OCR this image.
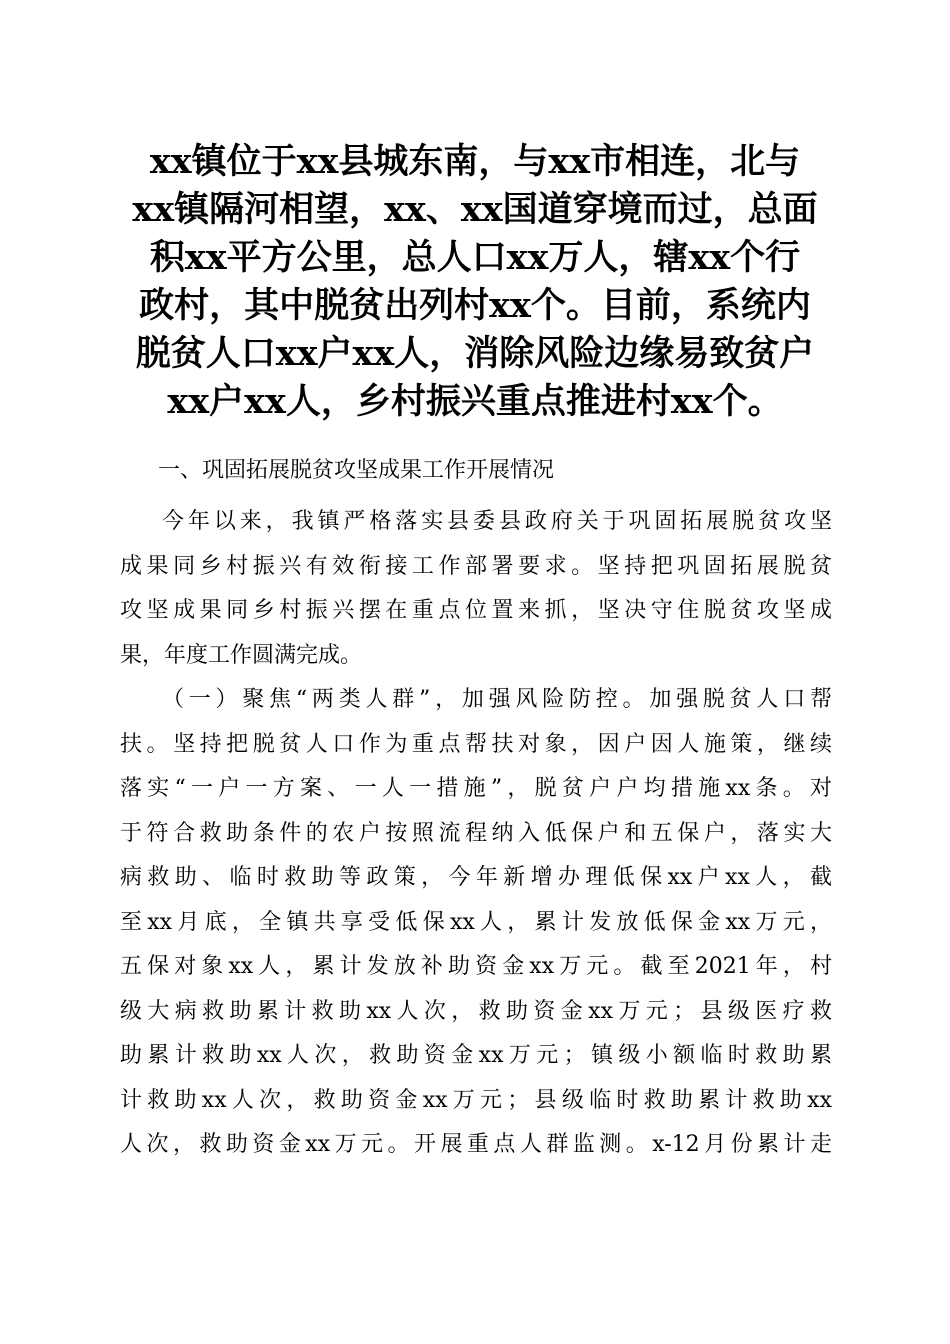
xx镇位于xx县城东南，与xx市相连，北与
xx镇隔河相望，xx、xx国道穿境而过，总面
积xx平方公里，总人口xx万人，辖xx个行
政村，其中脱贫出列村xx个。目前，系统内
脱贫人口xx户xx人，消除风险边缘易致贫户
xx户xx人，乡村振兴重点推进村xx个。
一、巩固拓展脱贫攻坚成果工作开展情况
今年以来，我镇严格落实县委县政府关于巩固拓展脱贫攻坚
成果同乡村振兴有效衔接工作部署要求。坚持把巩固拓展脱贫
攻坚成果同乡村振兴摆在重点位置来抓，坚决守住脱贫攻坚成
果，年度工作圆满完成。
（一）聚焦“两类人群”，加强风险防控。加强脱贫人口帮
扶。坚持把脱贫人口作为重点帮扶对象，因户因人施策，继续
落实“一户一方案、一人一措施”，脱贫户户均措施xx条。对
于符合救助条件的农户按照流程纳入低保户和五保户，落实大
病救助、临时救助等政策，今年新增办理低保xx户xx人，截
至xx月底，全镇共享受低保xx人，累计发放低保金xx万元，
五保对象xx人，累计发放补助资金xx万元。截至2021年，村
级大病救助累计救助xx人次，救助资金xx万元；县级医疗救
助累计救助xx人次，救助资金xx万元；镇级小额临时救助累
计救助xx人次，救助资金xx万元；县级临时救助累计救助xx
人次，救助资金xx万元。开展重点人群监测。x-12月份累计走
